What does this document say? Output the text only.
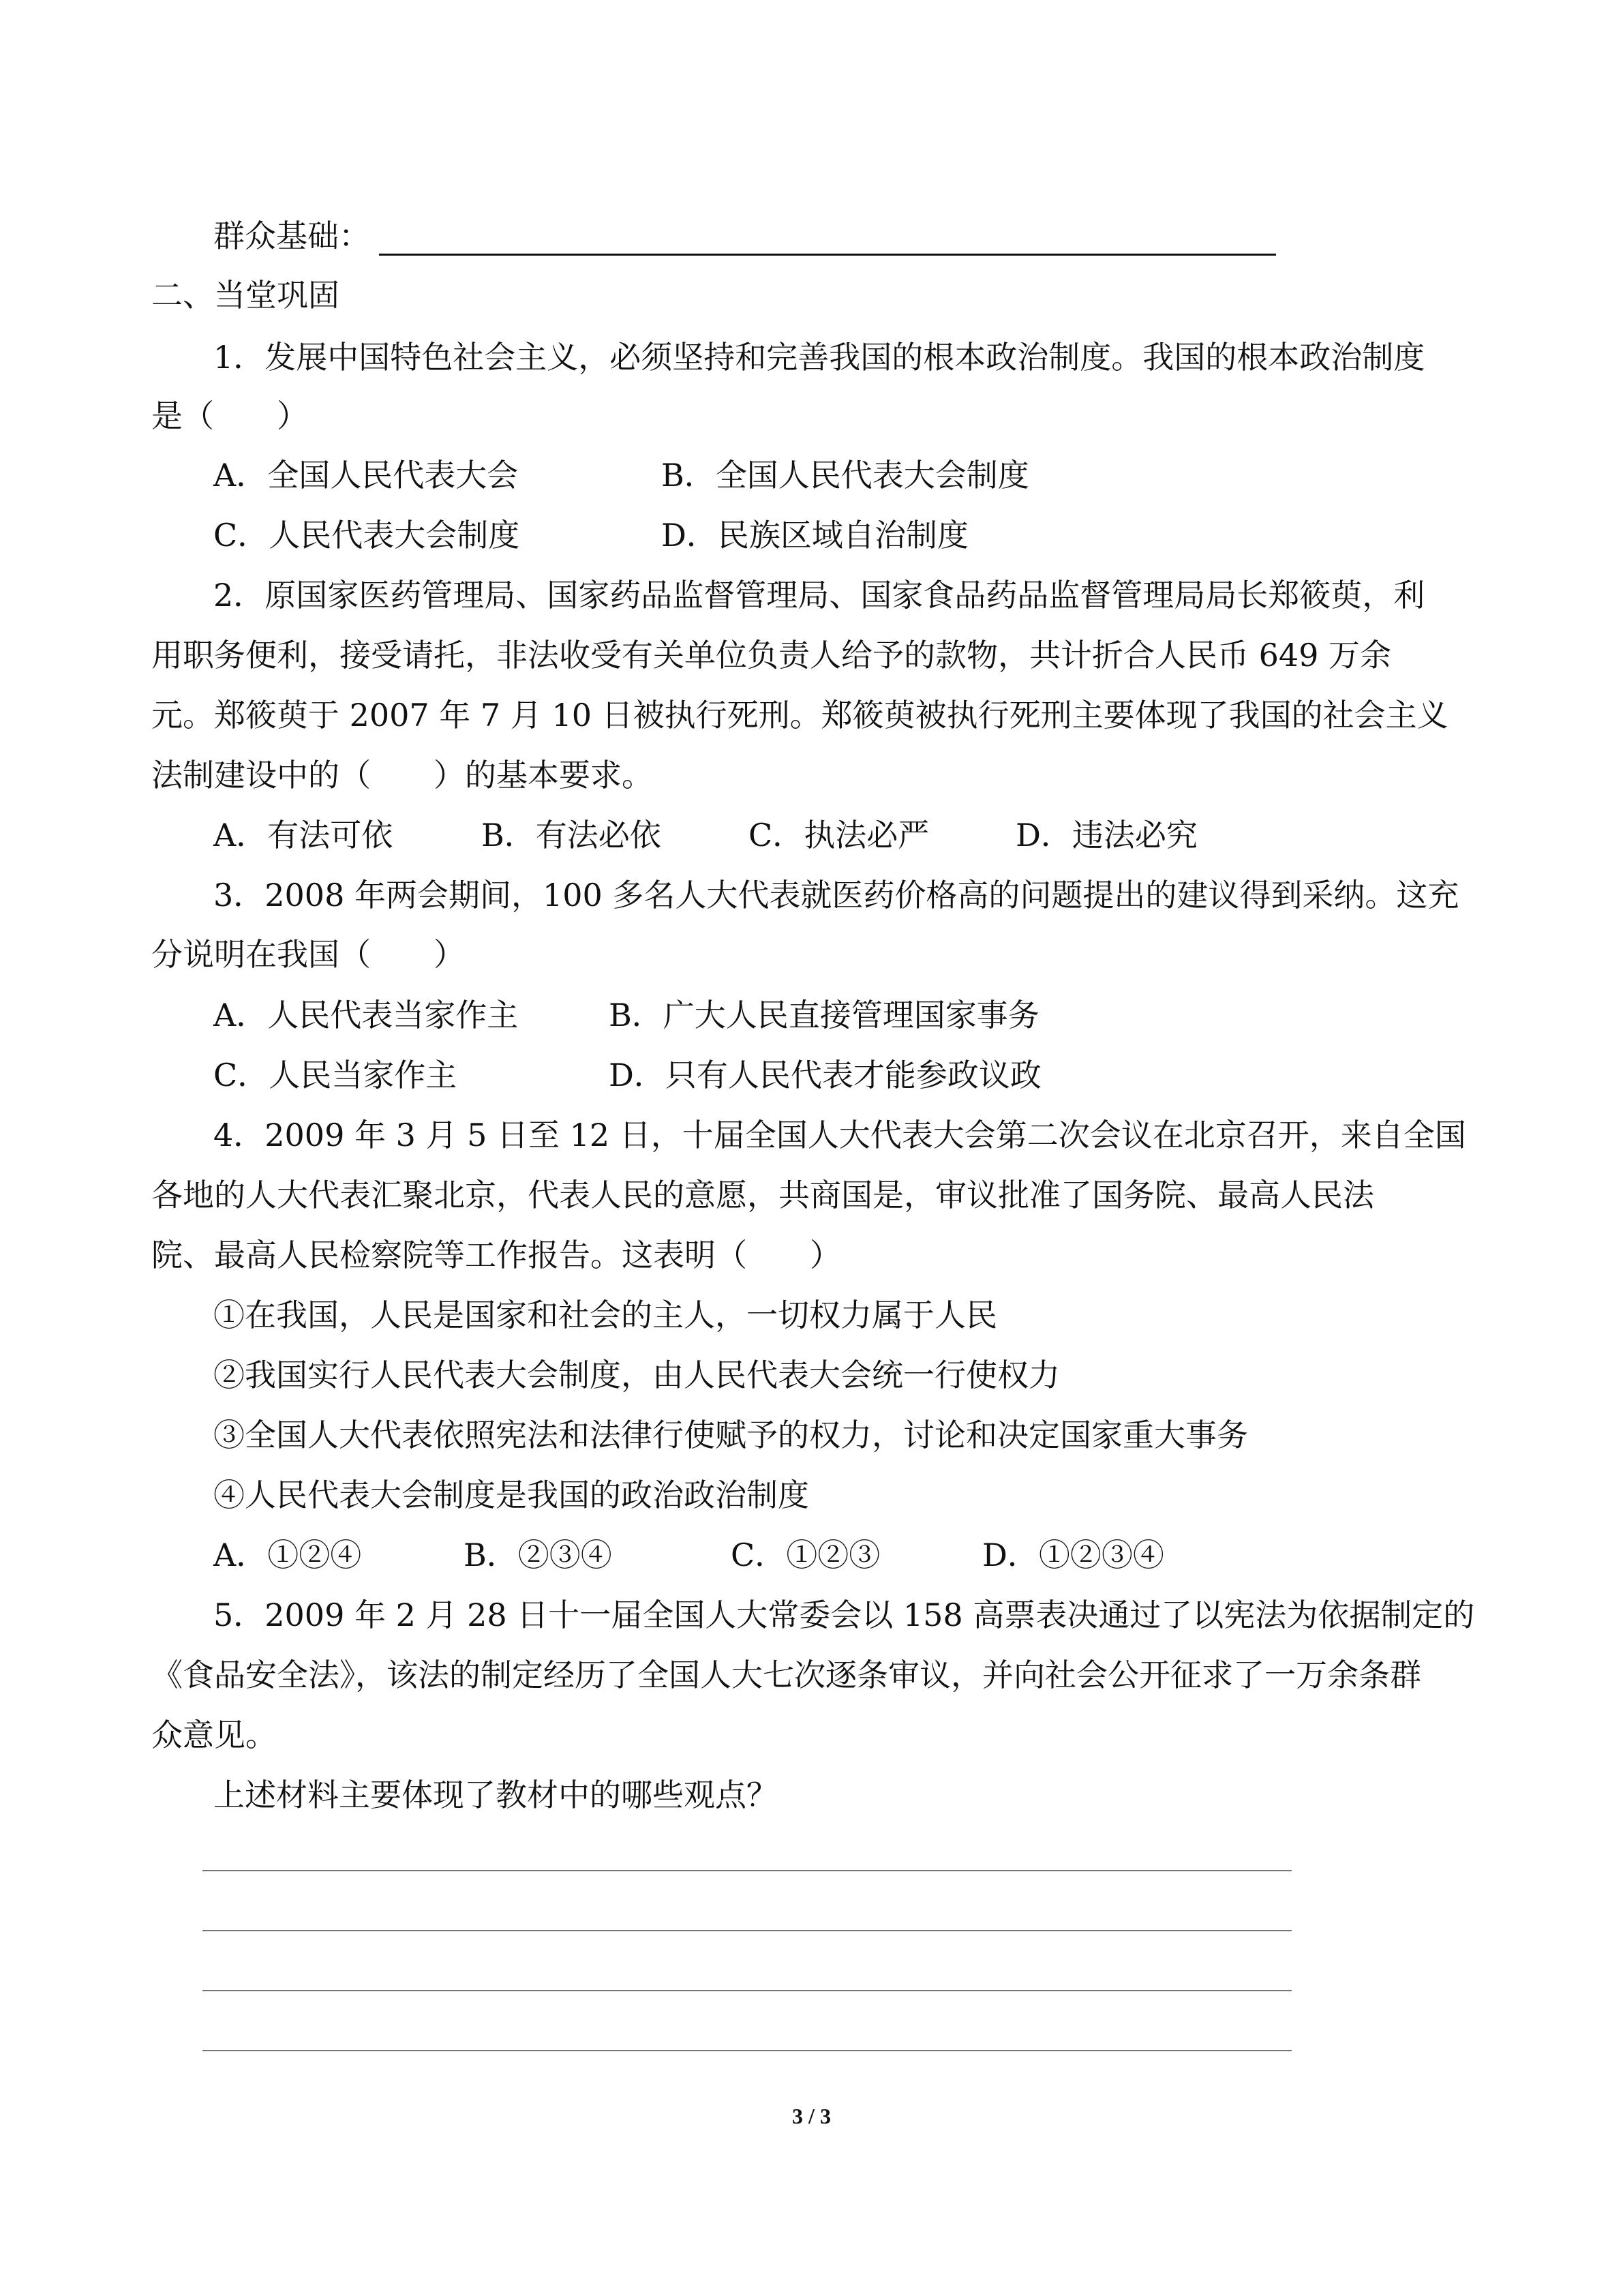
群众基础：
二、当堂巩固
1．发展中国特色社会主义，必须坚持和完善我国的根本政治制度。我国的根本政治制度
是（　　）
A．全国人民代表大会	B．全国人民代表大会制度
C．人民代表大会制度	D．民族区域自治制度
2．原国家医药管理局、国家药品监督管理局、国家食品药品监督管理局局长郑筱萸，利
用职务便利，接受请托，非法收受有关单位负责人给予的款物，共计折合人民币 649 万余
元。郑筱萸于 2007 年 7 月 10 日被执行死刑。郑筱萸被执行死刑主要体现了我国的社会主义
法制建设中的（　　）的基本要求。
A．有法可依	B．有法必依	C．执法必严	D．违法必究
3．2008 年两会期间，100 多名人大代表就医药价格高的问题提出的建议得到采纳。这充
分说明在我国（　　）
A．人民代表当家作主	B．广大人民直接管理国家事务
C．人民当家作主	D．只有人民代表才能参政议政
4．2009 年 3 月 5 日至 12 日，十届全国人大代表大会第二次会议在北京召开，来自全国
各地的人大代表汇聚北京，代表人民的意愿，共商国是，审议批准了国务院、最高人民法
院、最高人民检察院等工作报告。这表明（　　）
①在我国，人民是国家和社会的主人，一切权力属于人民
②我国实行人民代表大会制度，由人民代表大会统一行使权力
③全国人大代表依照宪法和法律行使赋予的权力，讨论和决定国家重大事务
④人民代表大会制度是我国的政治政治制度
A．①②④	B．②③④	C．①②③	D．①②③④
5．2009 年 2 月 28 日十一届全国人大常委会以 158 高票表决通过了以宪法为依据制定的
《食品安全法》，该法的制定经历了全国人大七次逐条审议，并向社会公开征求了一万余条群
众意见。
上述材料主要体现了教材中的哪些观点？
3 / 3
